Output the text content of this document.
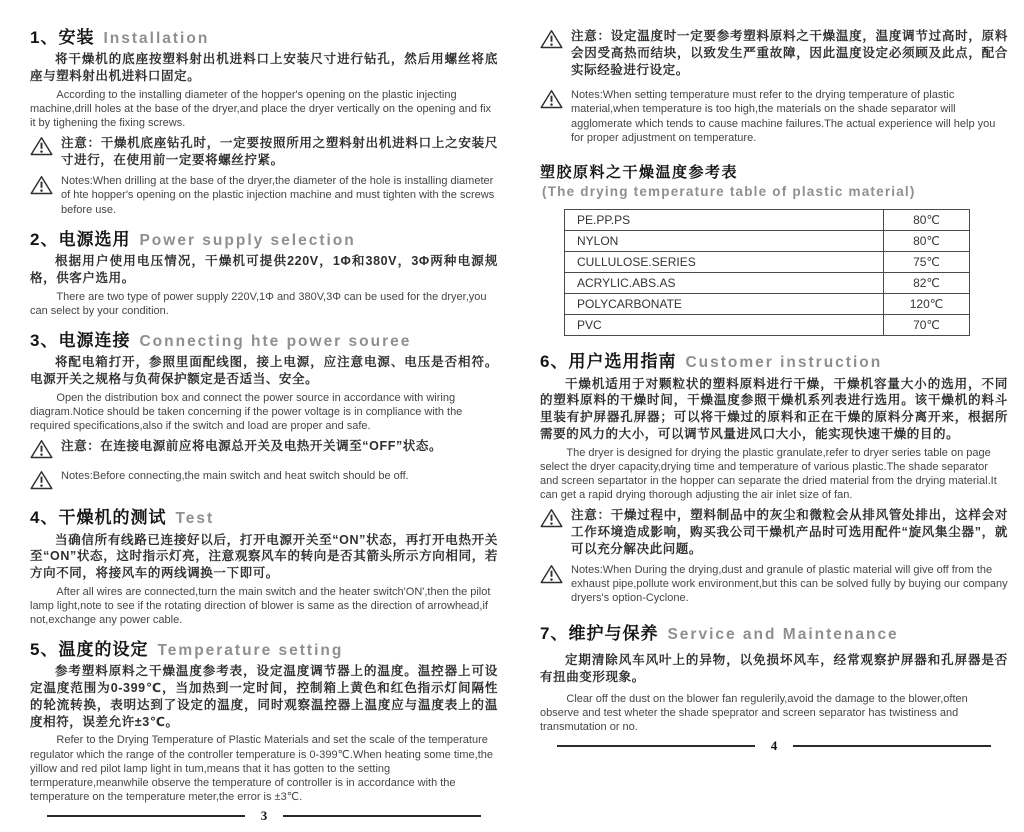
1、安装 Installation

将干燥机的底座按塑料射出机进料口上安装尺寸进行钻孔，然后用螺丝将底座与塑料射出机进料口固定。

According to the installing diameter of the hopper's opening on the plastic injecting machine,drill holes at the base of the dryer,and place the dryer vertically on the opening and fix it by tighening the fixing screws.

注意：干燥机底座钻孔时，一定要按照所用之塑料射出机进料口上之安装尺寸进行，在使用前一定要将螺丝拧紧。

Notes:When drilling at the base of the dryer,the diameter of the hole is installing diameter of hte hopper's opening on the plastic injection machine and must tighten with the screws before use.

2、电源选用 Power supply selection

根据用户使用电压情况，干燥机可提供220V，1Φ和380V，3Φ两种电源规格，供客户选用。

There are two type of power supply 220V,1Φ and 380V,3Φ can be used for the dryer,you can select by your condition.

3、电源连接 Connecting hte power souree

将配电箱打开，参照里面配线图，接上电源，应注意电源、电压是否相符。电源开关之规格与负荷保护额定是否适当、安全。

Open the distribution box and connect the power source in accordance with wiring diagram.Notice should be taken concerning if the power voltage is in compliance with the required specifications,also if the switch and load are proper and safe.

注意：在连接电源前应将电源总开关及电热开关调至“OFF”状态。

Notes:Before connecting,the main switch and heat switch should be off.

4、干燥机的测试 Test

当确信所有线路已连接好以后，打开电源开关至“ON”状态，再打开电热开关至“ON”状态，这时指示灯亮，注意观察风车的转向是否其箭头所示方向相同，若方向不同，将接风车的两线调换一下即可。

After all wires are connected,turn the main switch and the heater switch'ON',then the pilot lamp light,note to see if the rotating direction of blower is same as the direction of arrowhead,if not,exchange any power cable.

5、温度的设定 Temperature setting

参考塑料原料之干燥温度参考表，设定温度调节器上的温度。温控器上可设定温度范围为0-399℃，当加热到一定时间，控制箱上黄色和红色指示灯间隔性的轮流转换，表明达到了设定的温度，同时观察温控器上温度应与温度表上的温度相符，误差允许±3℃。

Refer to the Drying Temperature of Plastic Materials and set the scale of the temperature regulator which the range of the controller temperature is 0-399℃.When heating some time,the yillow and red pilot lamp light in tum,means that it has gotten to the setting termperature,meanwhile observe the temperature of controller is in accordance with the temperature on the temperature meter,the error is ±3℃.

3

注意：设定温度时一定要参考塑料原料之干燥温度，温度调节过高时，原料会因受高热而结块，以致发生严重故障，因此温度设定必须顾及此点，配合实际经验进行设定。

Notes:When setting temperature must refer to the drying temperature of plastic material,when temperature is too high,the materials on the shade separator will agglomerate which tends to cause machine failures.The actual experience will help you for proper adjustment on temperature.

塑胶原料之干燥温度参考表
(The drying temperature table of plastic material)
PE.PP.PS	80℃
NYLON	80℃
CULLULOSE.SERIES	75℃
ACRYLIC.ABS.AS	82℃
POLYCARBONATE	120℃
PVC	70℃
6、用户选用指南 Customer instruction

干燥机适用于对颗粒状的塑料原料进行干燥，干燥机容量大小的选用，不同的塑料原料的干燥时间，干燥温度参照干燥机系列表进行选用。该干燥机的料斗里装有护屏器孔屏器；可以将干燥过的原料和正在干燥的原料分离开来，根据所需要的风力的大小，可以调节风量进风口大小，能实现快速干燥的目的。

The dryer is designed for drying the plastic granulate,refer to dryer series table on page select the dryer capacity,drying time and temperature of various plastic.The shade separator and screen separtator in the hopper can separate the dried material from the drying material.It can get a rapid drying thorough adjusting the air inlet size of fan.

注意：干燥过程中，塑料制品中的灰尘和微粒会从排风管处排出，这样会对工作环境造成影响，购买我公司干燥机产品时可选用配件“旋风集尘器”，就可以充分解决此问题。

Notes:When During the drying,dust and granule of plastic material will give off from the exhaust pipe,pollute work environment,but this can be solved fully by buying our company dryers's option-Cyclone.

7、维护与保养 Service and Maintenance

定期清除风车风叶上的异物，以免损坏风车，经常观察护屏器和孔屏器是否有扭曲变形现象。

Clear off the dust on the blower fan regulerily,avoid the damage to the blower,often observe and test wheter the shade speprator and screen separator has twistiness and transmutation or no.

4
